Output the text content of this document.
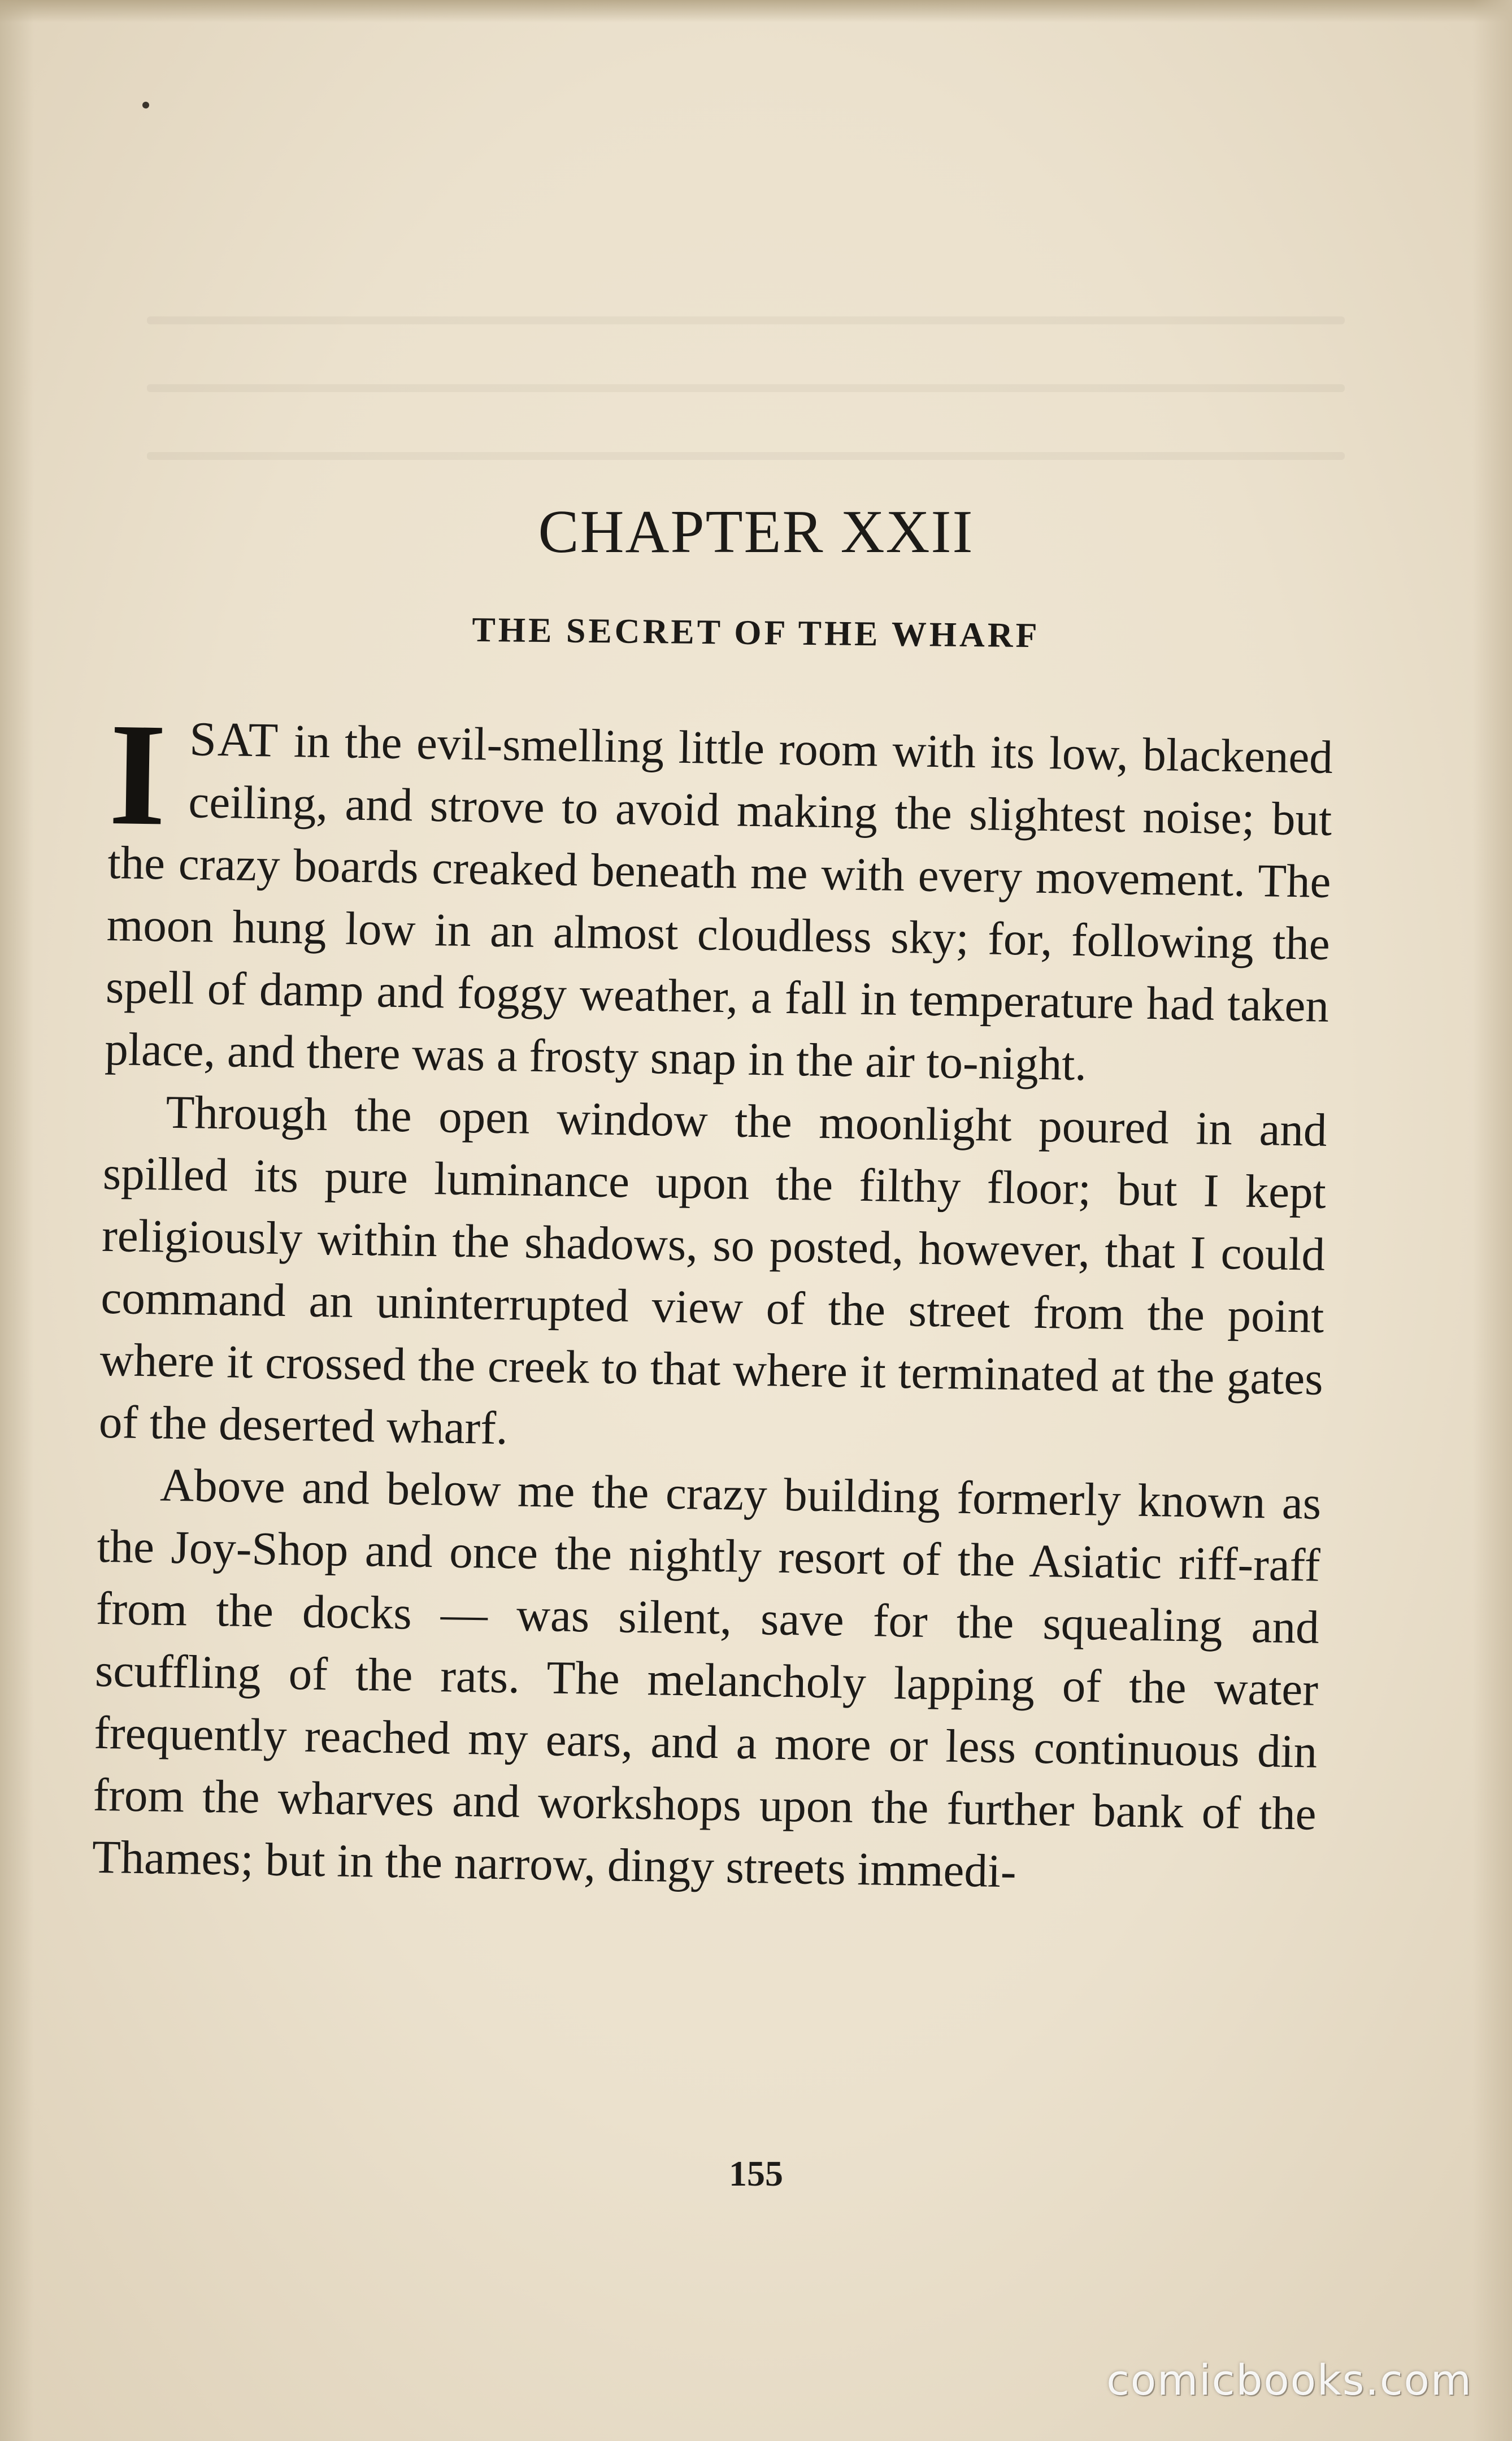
CHAPTER XXII
THE SECRET OF THE WHARF

ISAT in the evil-smelling little room with its low, blackened ceiling, and strove to avoid making the slightest noise; but the crazy boards creaked beneath me with every movement. The moon hung low in an almost cloudless sky; for, following the spell of damp and foggy weather, a fall in temperature had taken place, and there was a frosty snap in the air to-night.

Through the open window the moonlight poured in and spilled its pure luminance upon the filthy floor; but I kept religiously within the shadows, so posted, however, that I could command an uninterrupted view of the street from the point where it crossed the creek to that where it terminated at the gates of the deserted wharf.

Above and below me the crazy building formerly known as the Joy-Shop and once the nightly resort of the Asiatic riff-raff from the docks — was silent, save for the squealing and scuffling of the rats. The melancholy lapping of the water frequently reached my ears, and a more or less continuous din from the wharves and workshops upon the further bank of the Thames; but in the narrow, dingy streets immedi-

155
comicbooks.com
